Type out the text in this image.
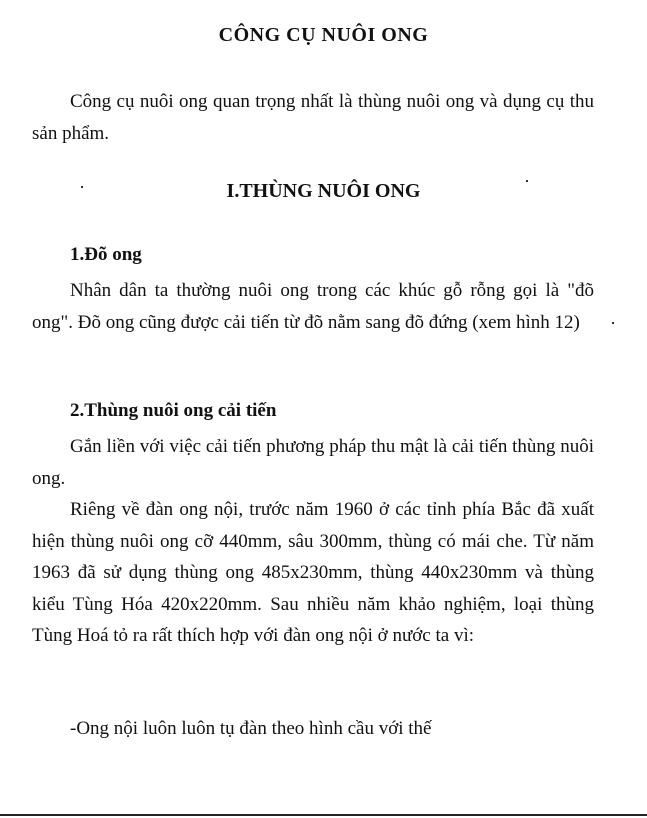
CÔNG CỤ NUÔI ONG

Công cụ nuôi ong quan trọng nhất là thùng nuôi ong và dụng cụ thu sản phẩm.

I.THÙNG NUÔI ONG
1.Đõ ong

Nhân dân ta thường nuôi ong trong các khúc gỗ rỗng gọi là "đõ ong". Đõ ong cũng được cải tiến từ đõ nằm sang đõ đứng (xem hình 12)

2.Thùng nuôi ong cải tiến

Gắn liền với việc cải tiến phương pháp thu mật là cải tiến thùng nuôi ong.

Riêng về đàn ong nội, trước năm 1960 ở các tỉnh phía Bắc đã xuất hiện thùng nuôi ong cỡ 440mm, sâu 300mm, thùng có mái che. Từ năm 1963 đã sử dụng thùng ong 485x230mm, thùng 440x230mm và thùng kiểu Tùng Hóa 420x220mm. Sau nhiều năm khảo nghiệm, loại thùng Tùng Hoá tỏ ra rất thích hợp với đàn ong nội ở nước ta vì:

-Ong nội luôn luôn tụ đàn theo hình cầu với thế
